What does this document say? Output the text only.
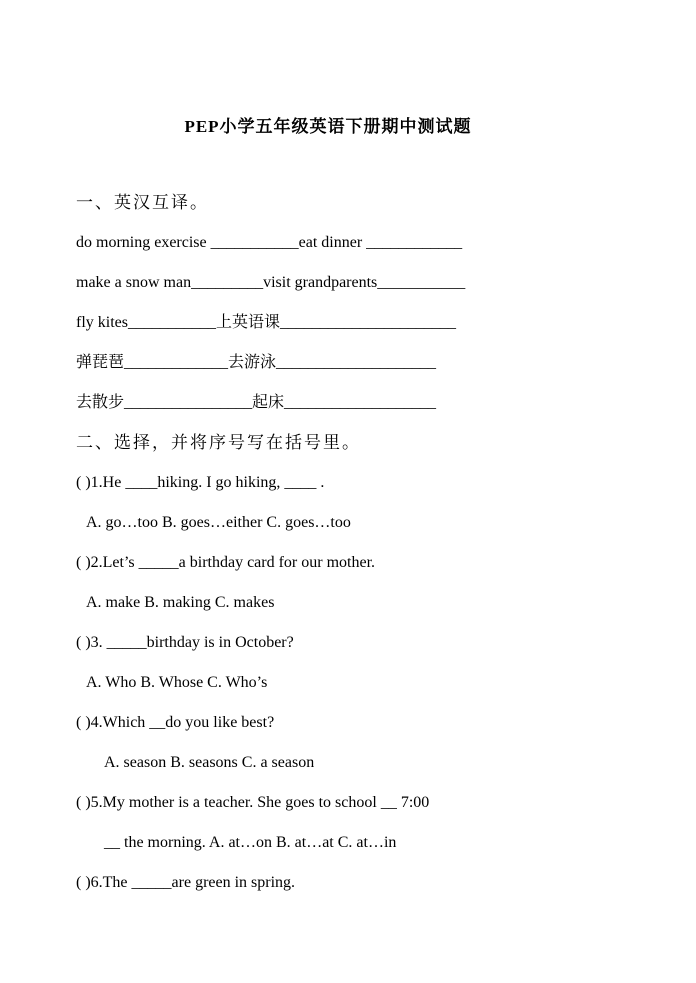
PEP小学五年级英语下册期中测试题
一、英汉互译。
do morning exercise ___________eat dinner ____________
make a snow man_________visit grandparents___________
fly kites___________上英语课______________________
弹琵琶_____________去游泳____________________
去散步________________起床___________________
二、选择，并将序号写在括号里。
( )1.He ____hiking. I go hiking, ____ .
A. go…too B. goes…either C. goes…too
( )2.Let’s _____a birthday card for our mother.
A. make B. making C. makes
( )3. _____birthday is in October?
A. Who B. Whose C. Who’s
( )4.Which __do you like best?
A. season B. seasons C. a season
( )5.My mother is a teacher. She goes to school __ 7:00
__ the morning. A. at…on B. at…at C. at…in
( )6.The _____are green in spring.
